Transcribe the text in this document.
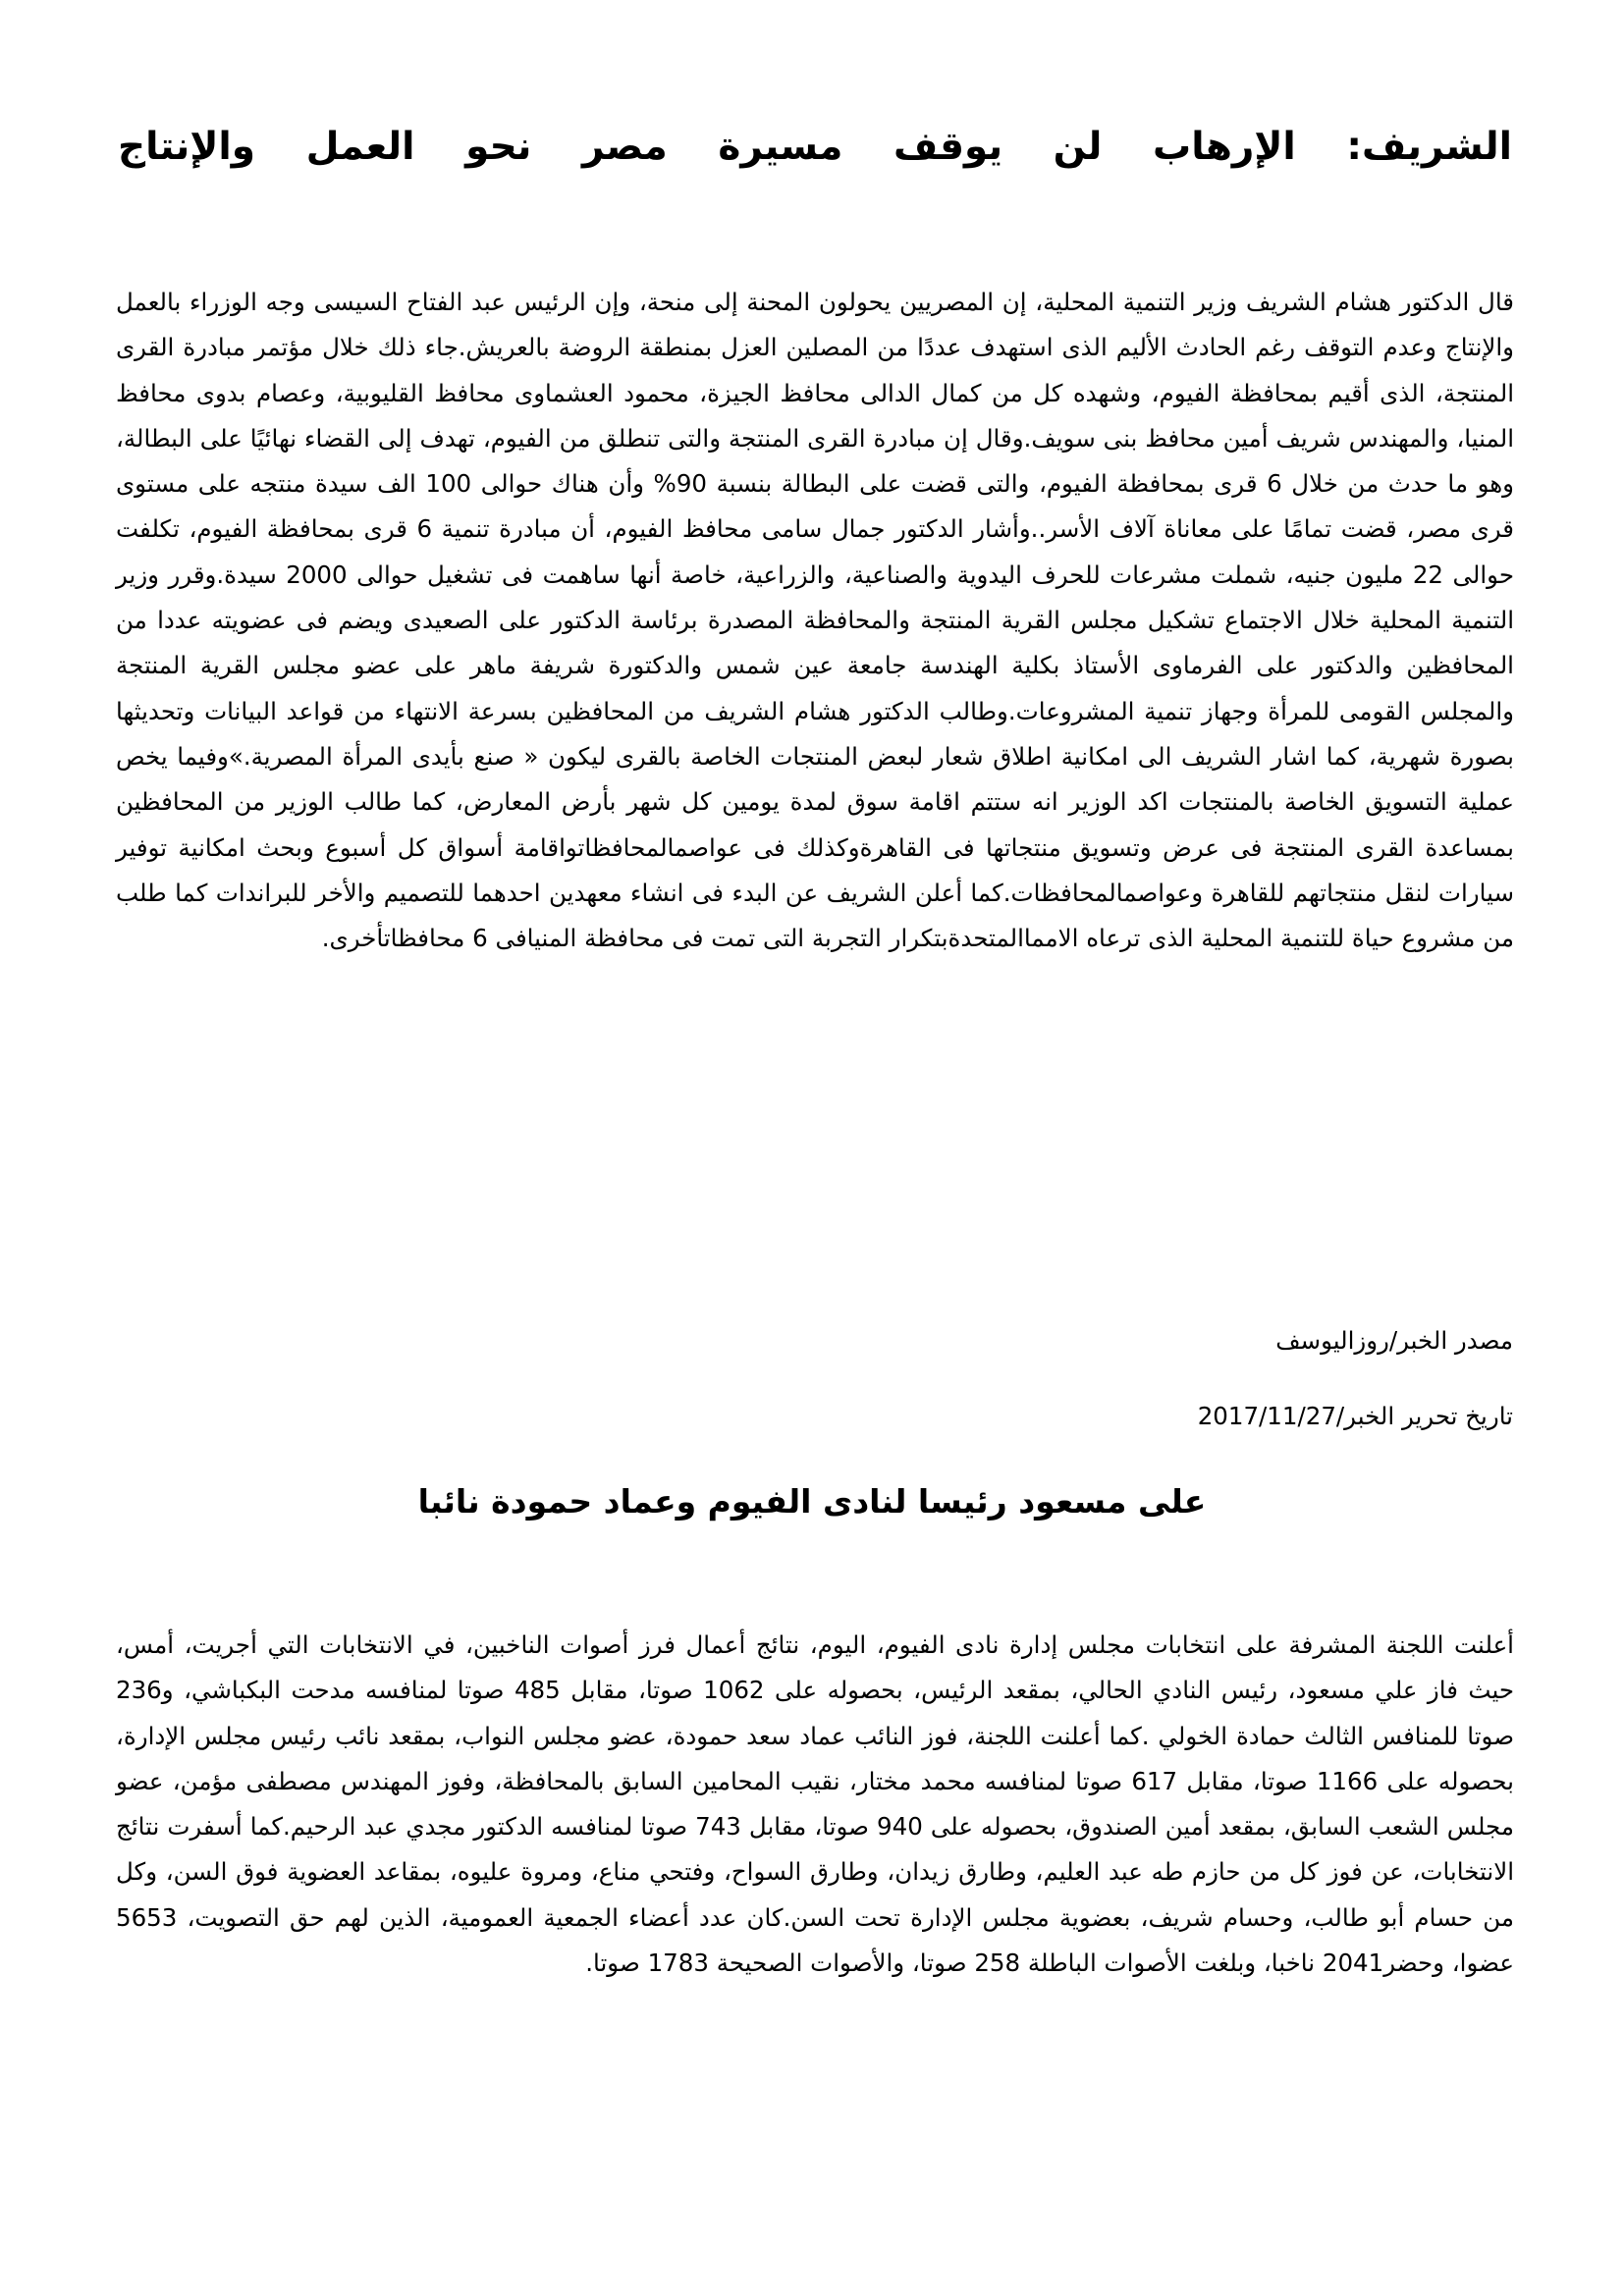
الشريف: الإرهاب لن يوقف مسيرة مصر نحو العمل والإنتاج

قال الدكتور هشام الشريف وزير التنمية المحلية، إن المصريين يحولون المحنة إلى منحة، وإن الرئيس عبد الفتاح السيسى وجه الوزراء بالعمل والإنتاج وعدم التوقف رغم الحادث الأليم الذى استهدف عددًا من المصلين العزل بمنطقة الروضة بالعريش.جاء ذلك خلال مؤتمر مبادرة القرى المنتجة، الذى أقيم بمحافظة الفيوم، وشهده كل من كمال الدالى محافظ الجيزة، محمود العشماوى محافظ القليوبية، وعصام بدوى محافظ المنيا، والمهندس شريف أمين محافظ بنى سويف.وقال إن مبادرة القرى المنتجة والتى تنطلق من الفيوم، تهدف إلى القضاء نهائيًا على البطالة، وهو ما حدث من خلال 6 قرى بمحافظة الفيوم، والتى قضت على البطالة بنسبة 90% وأن هناك حوالى 100 الف سيدة منتجه على مستوى قرى مصر، قضت تمامًا على معاناة آلاف الأسر..وأشار الدكتور جمال سامى محافظ الفيوم، أن مبادرة تنمية 6 قرى بمحافظة الفيوم، تكلفت حوالى 22 مليون جنيه، شملت مشرعات للحرف اليدوية والصناعية، والزراعية، خاصة أنها ساهمت فى تشغيل حوالى 2000 سيدة.وقرر وزير التنمية المحلية خلال الاجتماع تشكيل مجلس القرية المنتجة والمحافظة المصدرة برئاسة الدكتور على الصعيدى ويضم فى عضويته عددا من المحافظين والدكتور على الفرماوى الأستاذ بكلية الهندسة جامعة عين شمس والدكتورة شريفة ماهر على عضو مجلس القرية المنتجة والمجلس القومى للمرأة وجهاز تنمية المشروعات.وطالب الدكتور هشام الشريف من المحافظين بسرعة الانتهاء من قواعد البيانات وتحديثها بصورة شهرية، كما اشار الشريف الى امكانية اطلاق شعار لبعض المنتجات الخاصة بالقرى ليكون « صنع بأيدى المرأة المصرية.»وفيما يخص عملية التسويق الخاصة بالمنتجات اكد الوزير انه ستتم اقامة سوق لمدة يومين كل شهر بأرض المعارض، كما طالب الوزير من المحافظين بمساعدة القرى المنتجة فى عرض وتسويق منتجاتها فى القاهرةوكذلك فى عواصمالمحافظاتواقامة أسواق كل أسبوع وبحث امكانية توفير سيارات لنقل منتجاتهم للقاهرة وعواصمالمحافظات.كما أعلن الشريف عن البدء فى انشاء معهدين احدهما للتصميم والأخر للبراندات كما طلب من مشروع حياة للتنمية المحلية الذى ترعاه الامماالمتحدةبتكرار التجربة التى تمت فى محافظة المنيافى 6 محافظاتأخرى.

مصدر الخبر/روزاليوسف

تاريخ تحرير الخبر/2017/11/27

على مسعود رئيسا لنادى الفيوم وعماد حمودة نائبا

أعلنت اللجنة المشرفة على انتخابات مجلس إدارة نادى الفيوم، اليوم، نتائج أعمال فرز أصوات الناخبين، في الانتخابات التي أجريت، أمس، حيث فاز علي مسعود، رئيس النادي الحالي، بمقعد الرئيس، بحصوله على 1062 صوتا، مقابل 485 صوتا لمنافسه مدحت البكباشي، و236 صوتا للمنافس الثالث حمادة الخولي .كما أعلنت اللجنة، فوز النائب عماد سعد حمودة، عضو مجلس النواب، بمقعد نائب رئيس مجلس الإدارة، بحصوله على 1166 صوتا، مقابل 617 صوتا لمنافسه محمد مختار، نقيب المحامين السابق بالمحافظة، وفوز المهندس مصطفى مؤمن، عضو مجلس الشعب السابق، بمقعد أمين الصندوق، بحصوله على 940 صوتا، مقابل 743 صوتا لمنافسه الدكتور مجدي عبد الرحيم.كما أسفرت نتائج الانتخابات، عن فوز كل من حازم طه عبد العليم، وطارق زيدان، وطارق السواح، وفتحي مناع، ومروة عليوه، بمقاعد العضوية فوق السن، وكل من حسام أبو طالب، وحسام شريف، بعضوية مجلس الإدارة تحت السن.كان عدد أعضاء الجمعية العمومية، الذين لهم حق التصويت، 5653 عضوا، وحضر2041 ناخبا، وبلغت الأصوات الباطلة 258 صوتا، والأصوات الصحيحة 1783 صوتا.
